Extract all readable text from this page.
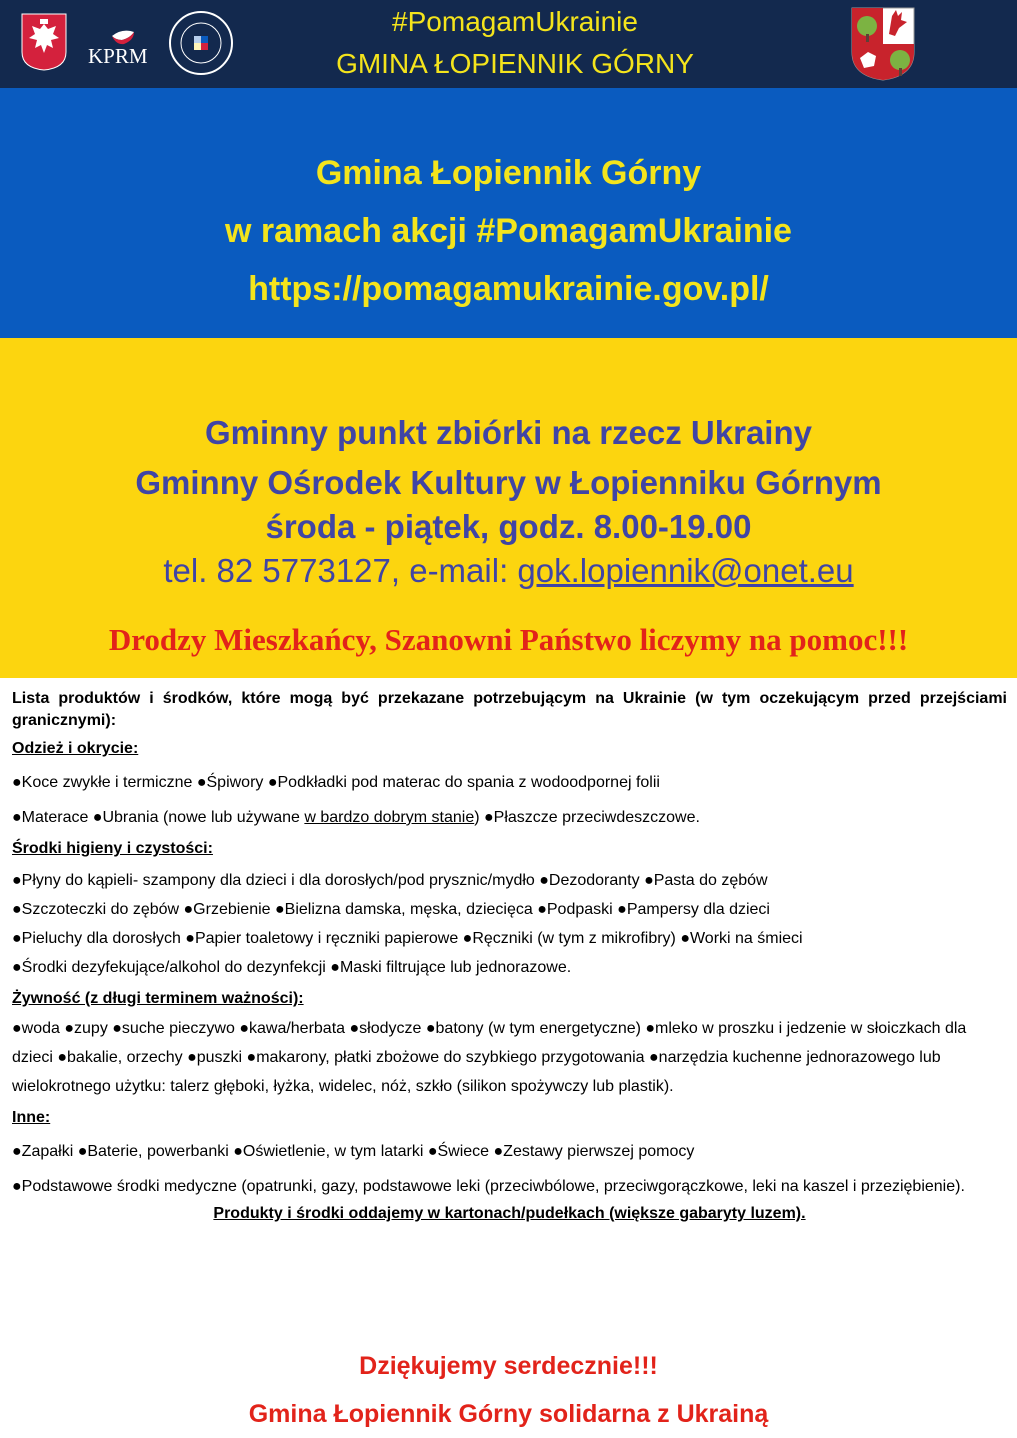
KPRM
#PomagamUkrainie
GMINA ŁOPIENNIK GÓRNY
Gmina Łopiennik Górny
w ramach akcji #PomagamUkrainie
https://pomagamukrainie.gov.pl/
Gminny punkt zbiórki na rzecz Ukrainy
Gminny Ośrodek Kultury w Łopienniku Górnym
środa - piątek, godz. 8.00-19.00
tel. 82 5773127, e-mail: gok.lopiennik@onet.eu
Drodzy Mieszkańcy, Szanowni Państwo liczymy na pomoc!!!

Lista produktów i środków, które mogą być przekazane potrzebującym na Ukrainie (w tym oczekującym przed przejściami granicznymi):

Odzież i okrycie:

●Koce zwykłe i termiczne ●Śpiwory ●Podkładki pod materac do spania z wodoodpornej folii

●Materace ●Ubrania (nowe lub używane w bardzo dobrym stanie) ●Płaszcze przeciwdeszczowe.

Środki higieny i czystości:

●Płyny do kąpieli- szampony dla dzieci i dla dorosłych/pod prysznic/mydło ●Dezodoranty ●Pasta do zębów

●Szczoteczki do zębów ●Grzebienie ●Bielizna damska, męska, dziecięca ●Podpaski ●Pampersy dla dzieci

●Pieluchy dla dorosłych ●Papier toaletowy i ręczniki papierowe ●Ręczniki (w tym z mikrofibry) ●Worki na śmieci

●Środki dezyfekujące/alkohol do dezynfekcji ●Maski filtrujące lub jednorazowe.

Żywność (z długi terminem ważności):

●woda ●zupy ●suche pieczywo ●kawa/herbata ●słodycze ●batony (w tym energetyczne) ●mleko w proszku i jedzenie w słoiczkach dla dzieci ●bakalie, orzechy ●puszki ●makarony, płatki zbożowe do szybkiego przygotowania ●narzędzia kuchenne jednorazowego lub wielokrotnego użytku: talerz głęboki, łyżka, widelec, nóż, szkło (silikon spożywczy lub plastik).

Inne:

●Zapałki ●Baterie, powerbanki ●Oświetlenie, w tym latarki ●Świece ●Zestawy pierwszej pomocy

●Podstawowe środki medyczne (opatrunki, gazy, podstawowe leki (przeciwbólowe, przeciwgorączkowe, leki na kaszel i przeziębienie).

Produkty i środki oddajemy w kartonach/pudełkach (większe gabaryty luzem).

Dziękujemy serdecznie!!!
Gmina Łopiennik Górny solidarna z Ukrainą
